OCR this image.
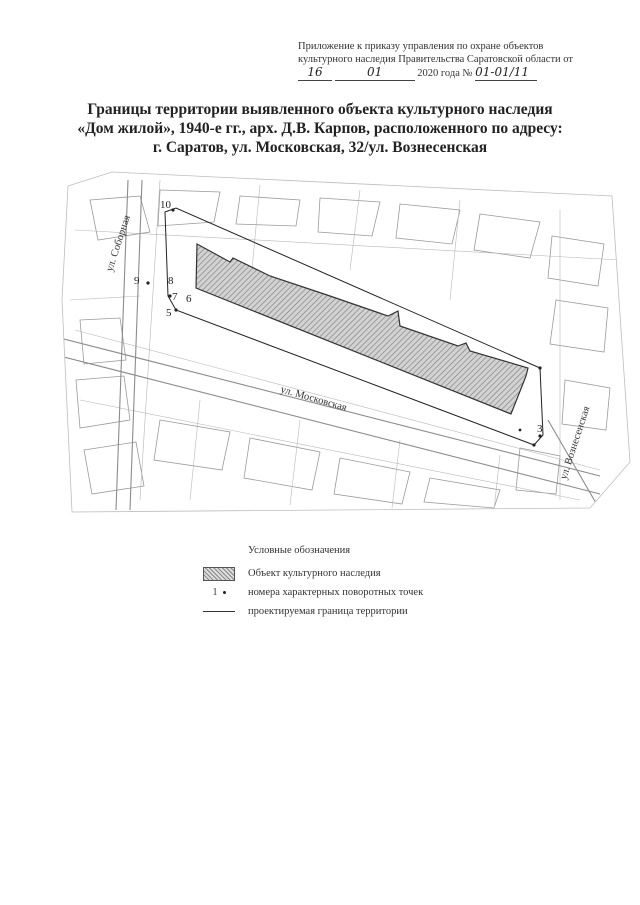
Приложение к приказу управления по охране объектов
культурного наследия Правительства Саратовской области от
16	01	2020 года № 01-01/11
Границы территории выявленного объекта культурного наследия
«Дом жилой», 1940-е гг., арх. Д.В. Карпов, расположенного по адресу:
г. Саратов, ул. Московская, 32/ул. Вознесенская
10
9	8
7 6
5
3
ул. Московская
ул. Соборная
ул. Вознесенская
Условные обозначения
Объект культурного наследия
1	номера характерных поворотных точек
проектируемая граница территории
